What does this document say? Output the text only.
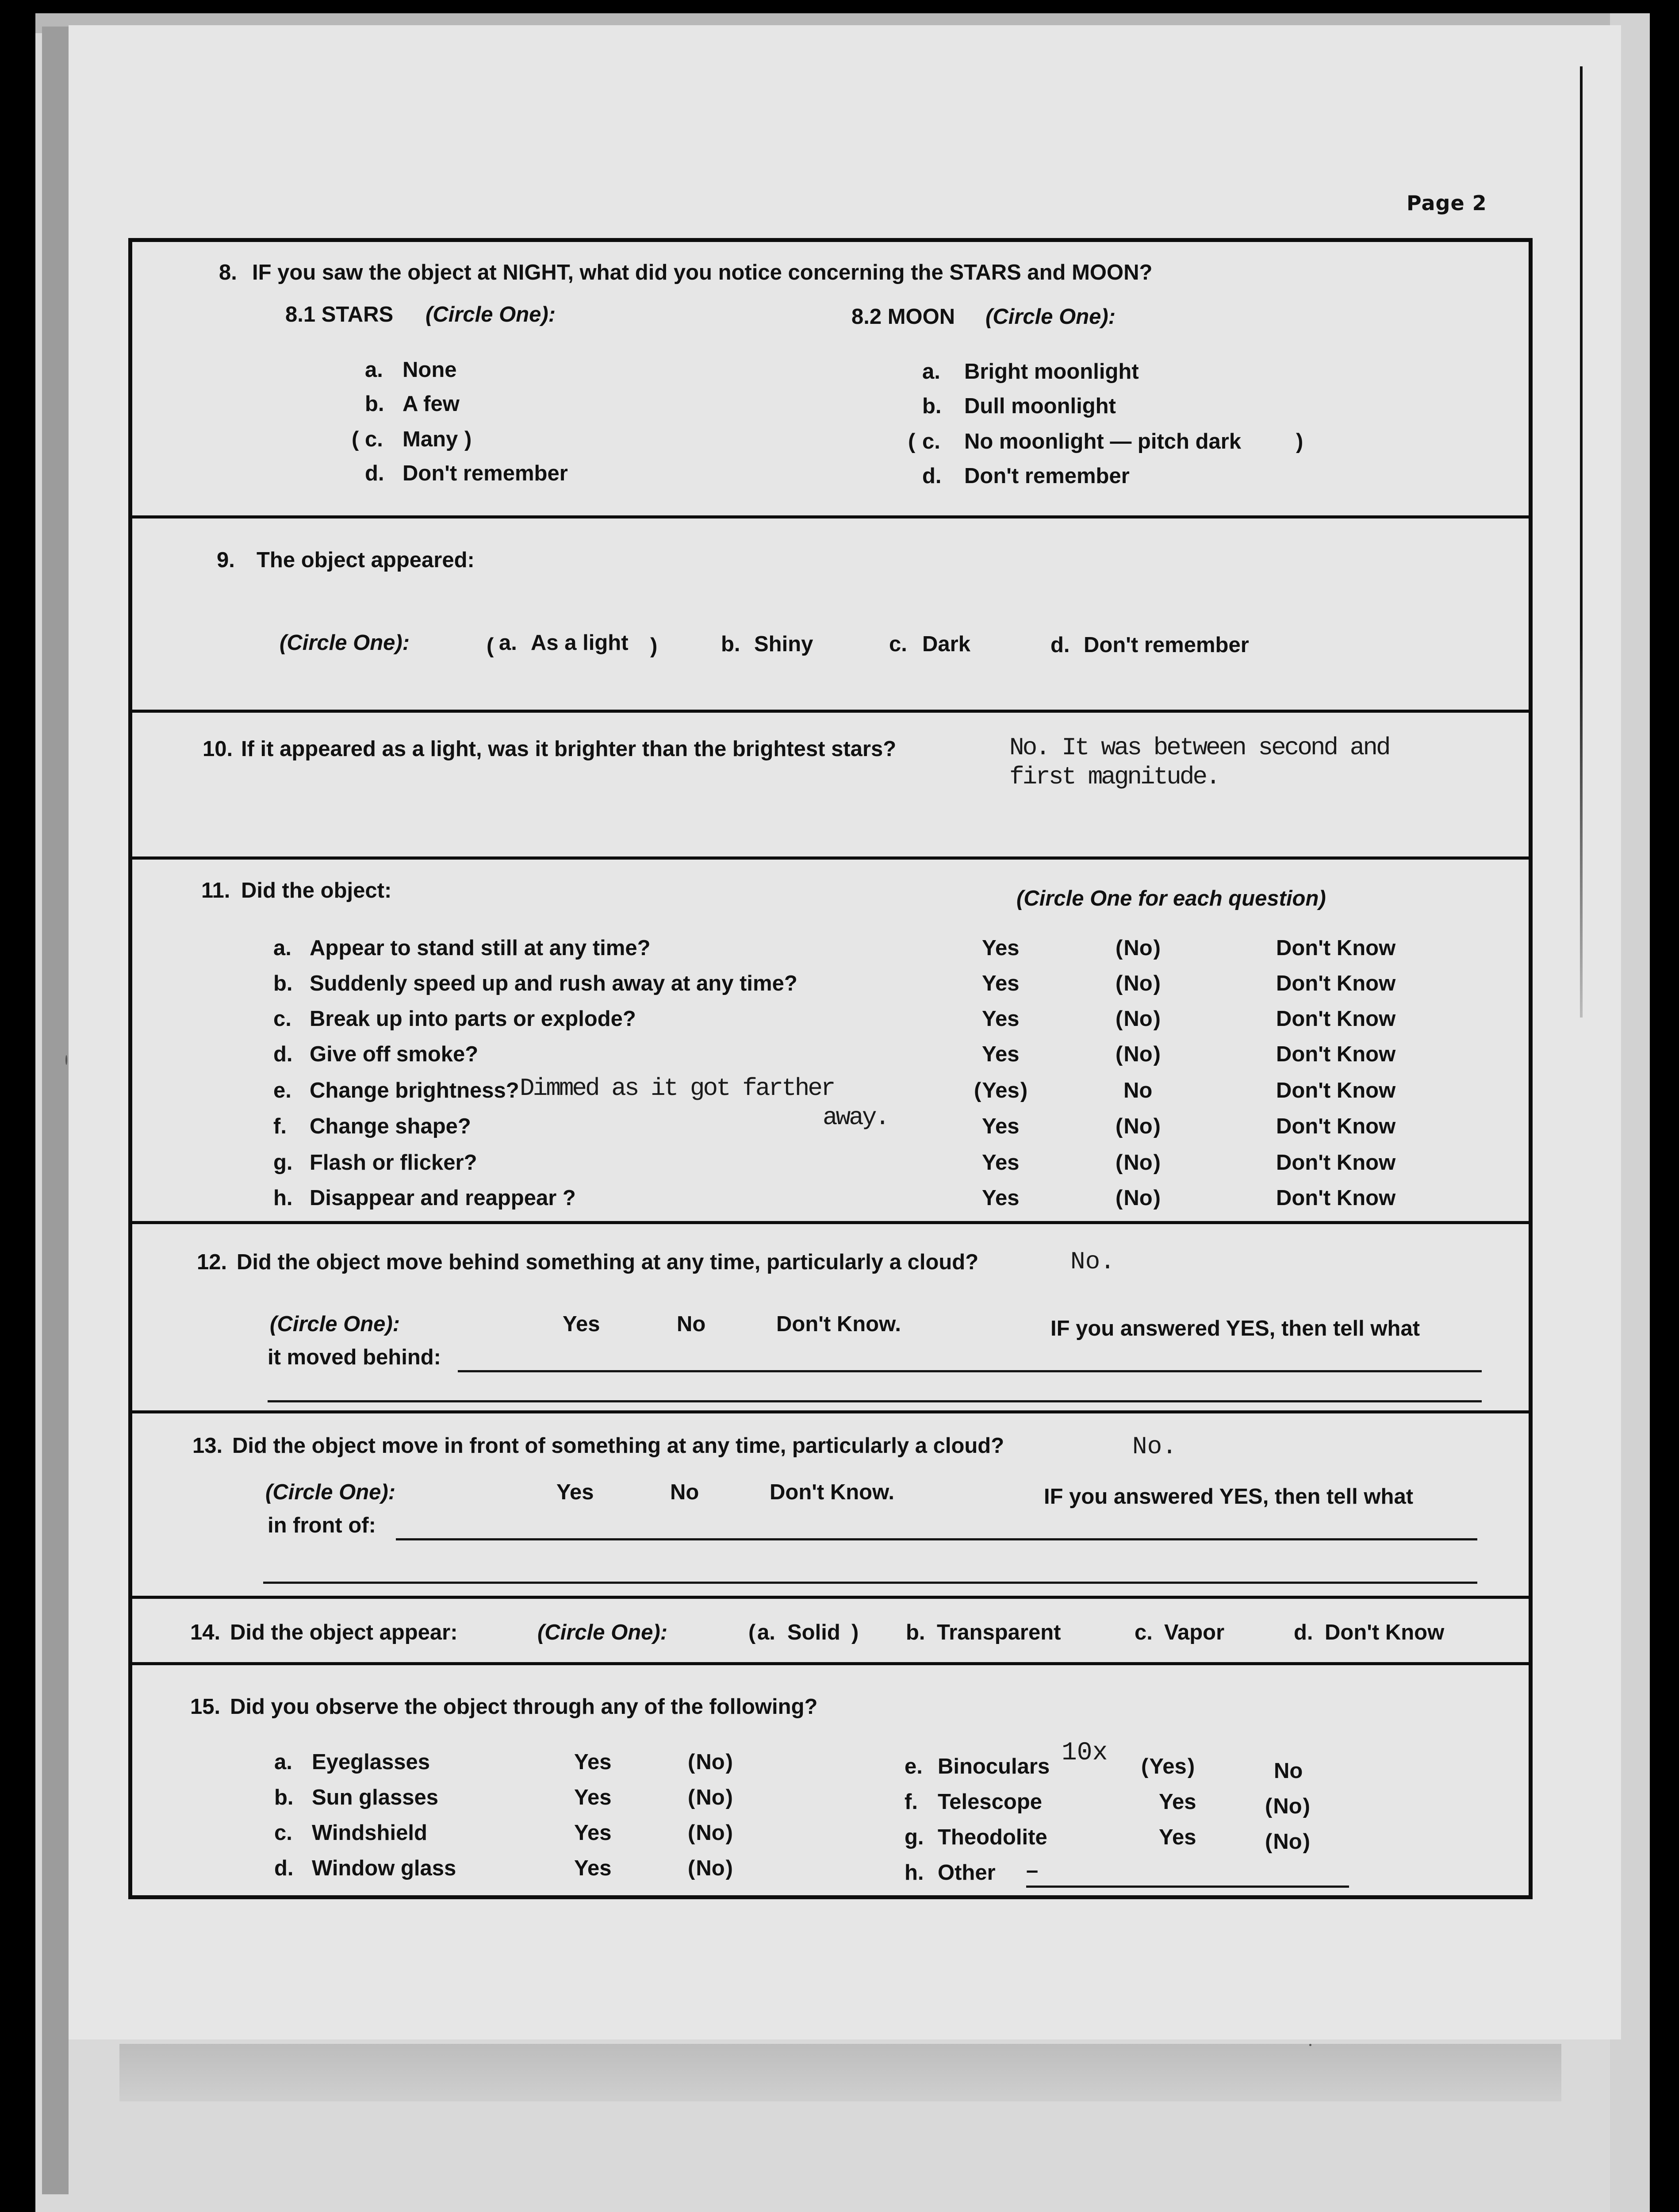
Page 2
8. IF you saw the object at NIGHT, what did you notice concerning the STARS and MOON?
8.1 STARS (Circle One):
a. None
b. A few
( c. Many )
d. Don't remember
8.2 MOON (Circle One):
a. Bright moonlight
b. Dull moonlight
( c. No moonlight — pitch dark	)
d. Don't remember
9. The object appeared:
(Circle One):	( a. As a light )	b. Shiny	c. Dark	d. Don't remember
10. If it appeared as a light, was it brighter than the brightest stars?	No. It was between second and
first magnitude.
11. Did the object:	(Circle One for each question)
a. Appear to stand still at any time?	Yes	( No )	Don't Know
b. Suddenly speed up and rush away at any time?	Yes	( No )	Don't Know
c. Break up into parts or explode?	Yes	( No )	Don't Know
d. Give off smoke?	Yes	( No )	Don't Know
e. Change brightness?	( Yes )	No	Don't Know
f. Change shape?	Yes	( No )	Don't Know
g. Flash or flicker?	Yes	( No )	Don't Know
h. Disappear and reappear ?	Yes	( No )	Don't Know
Dimmed as it got farther
away.
12. Did the object move behind something at any time, particularly a cloud?	No.
(Circle One):	Yes	No	Don't Know.	IF you answered YES, then tell what
it moved behind:
13. Did the object move in front of something at any time, particularly a cloud?	No.
(Circle One):	Yes	No	Don't Know.	IF you answered YES, then tell what
in front of:
14. Did the object appear:	(Circle One):	( a. Solid ) b. Transparent	c. Vapor	d. Don't Know
15. Did you observe the object through any of the following?
a. Eyeglasses	Yes	( No )
b. Sun glasses	Yes	( No )
c. Windshield	Yes	( No )
d. Window glass	Yes	( No )
e. Binoculars	( Yes )	No
f. Telescope	Yes	( No )
g. Theodolite	Yes	( No )
h. Other
10x
–
